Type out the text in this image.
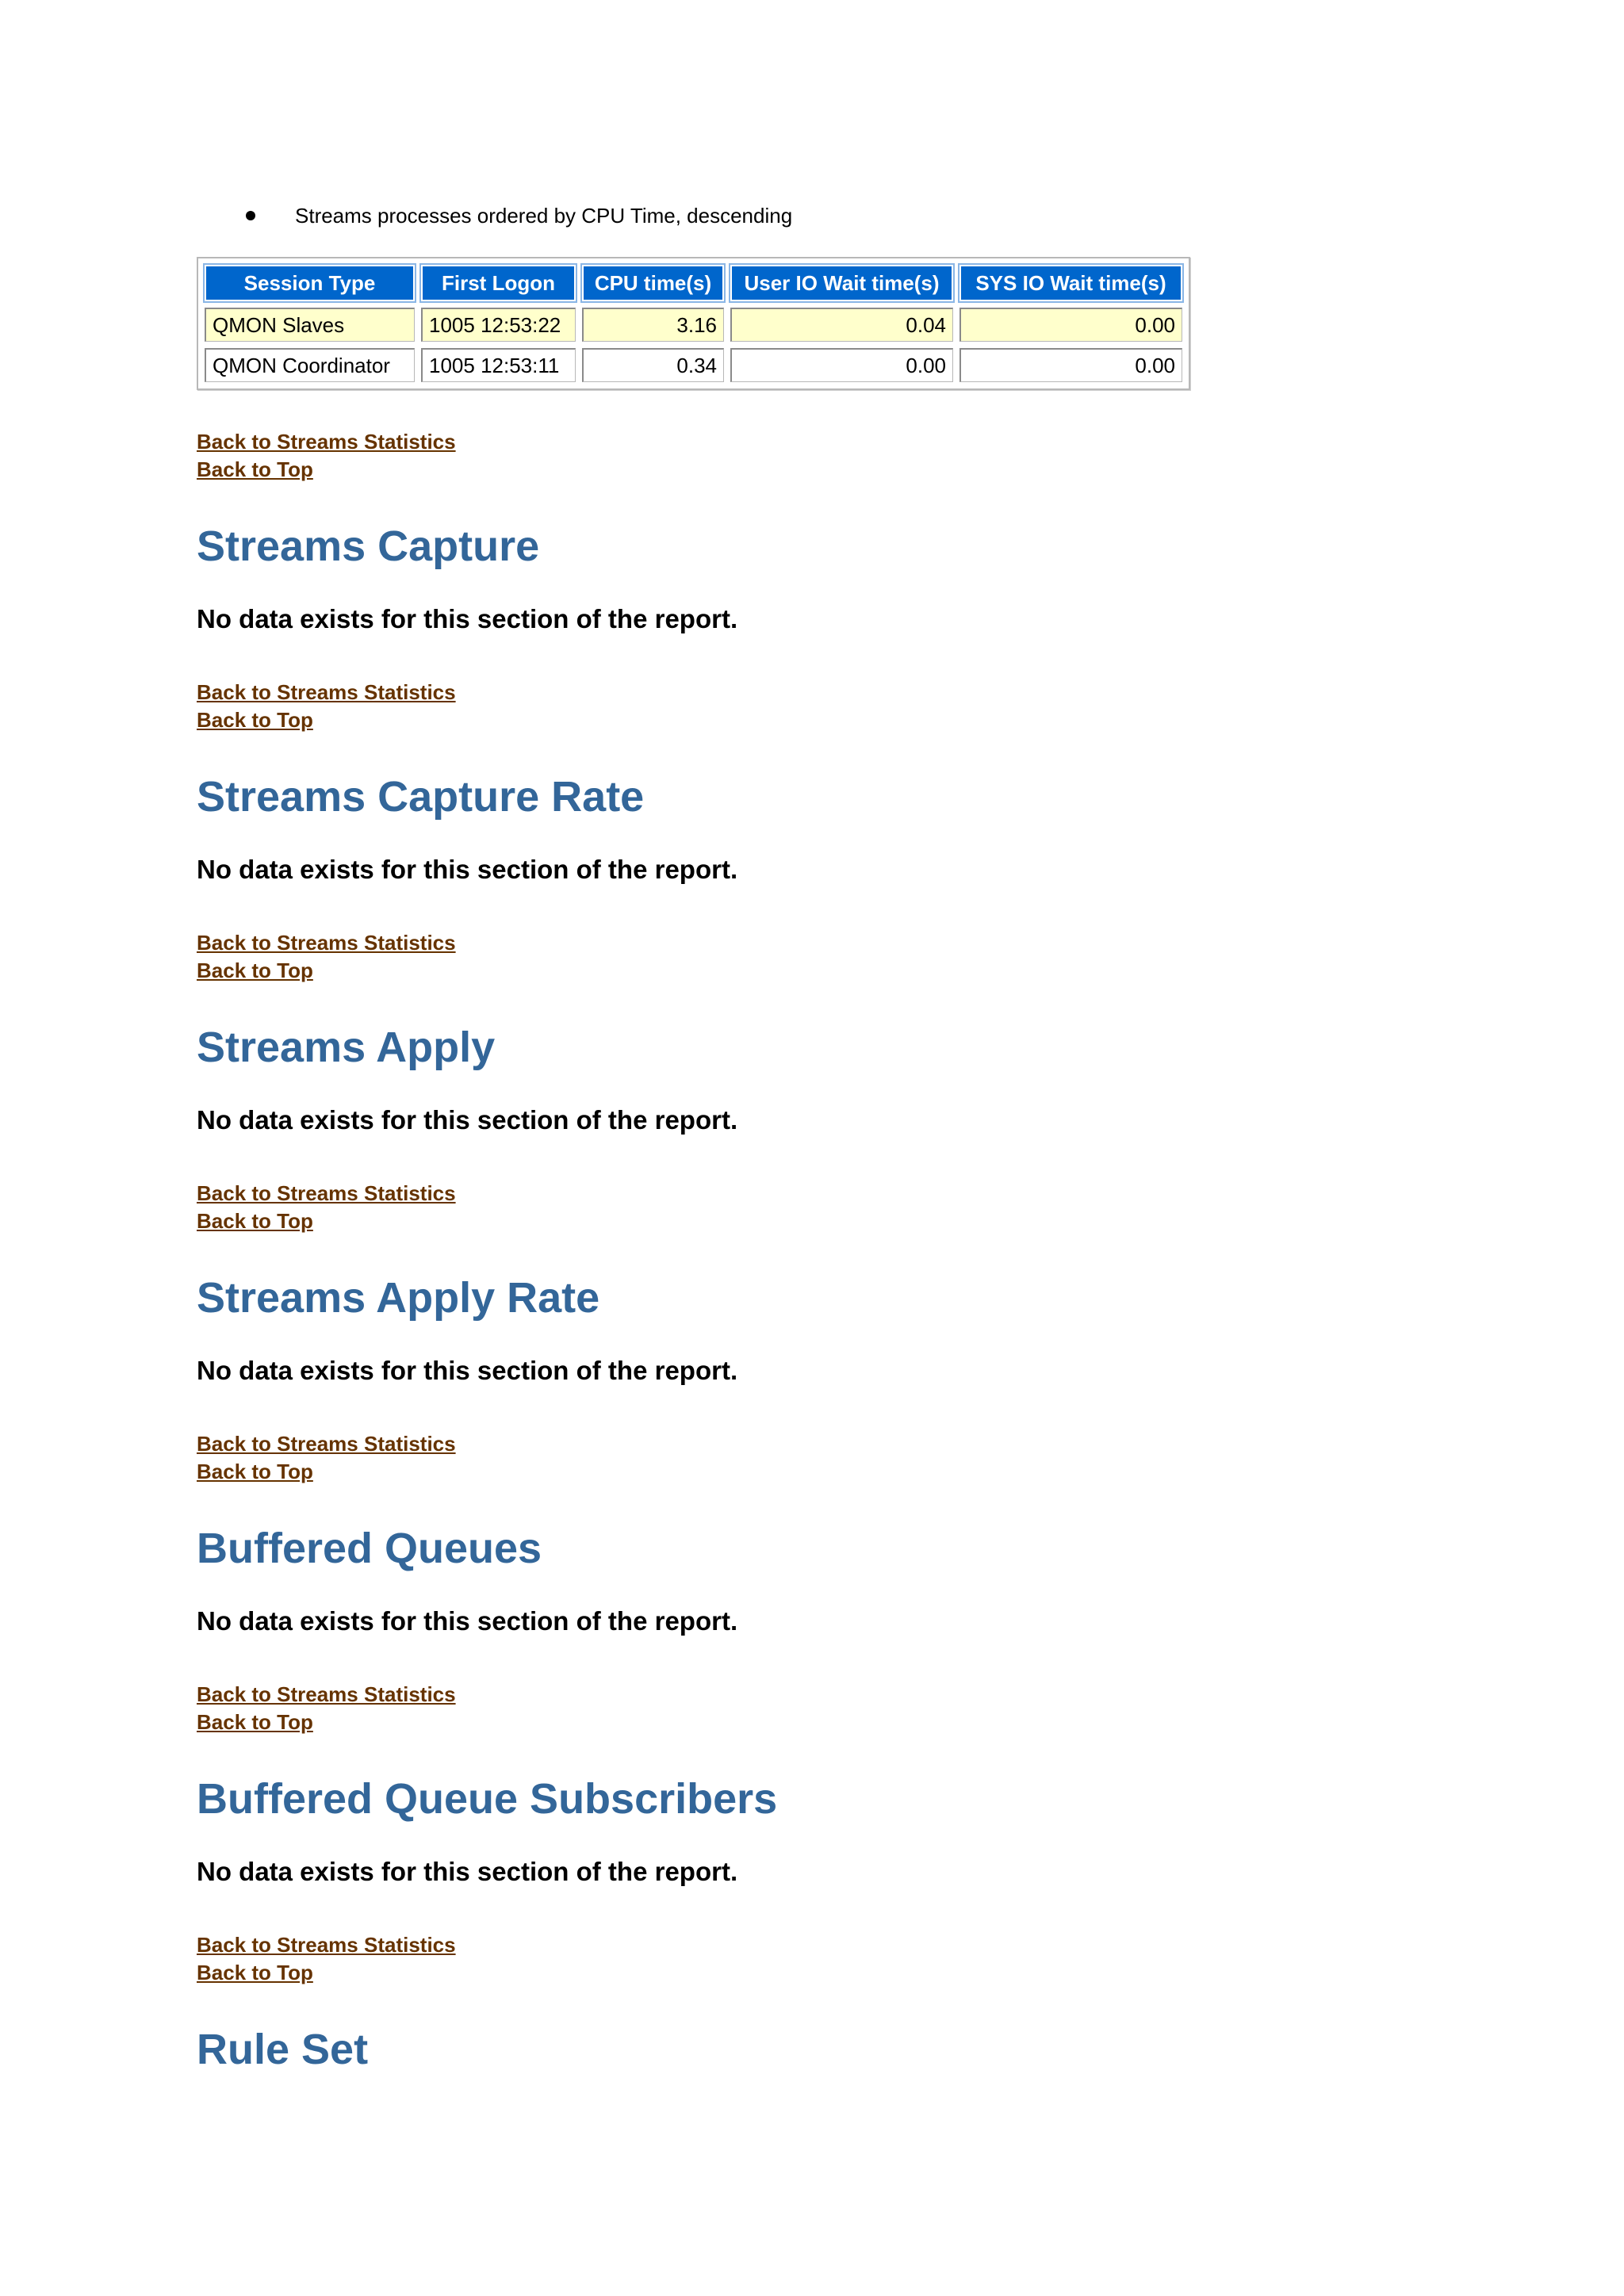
Streams processes ordered by CPU Time, descending
Session Type	First Logon	CPU time(s)	User IO Wait time(s)	SYS IO Wait time(s)
QMON Slaves	1005 12:53:22	3.16	0.04	0.00
QMON Coordinator	1005 12:53:11	0.34	0.00	0.00
Back to Streams Statistics
Back to Top
Streams Capture

No data exists for this section of the report.

Back to Streams Statistics
Back to Top
Streams Capture Rate

No data exists for this section of the report.

Back to Streams Statistics
Back to Top
Streams Apply

No data exists for this section of the report.

Back to Streams Statistics
Back to Top
Streams Apply Rate

No data exists for this section of the report.

Back to Streams Statistics
Back to Top
Buffered Queues

No data exists for this section of the report.

Back to Streams Statistics
Back to Top
Buffered Queue Subscribers

No data exists for this section of the report.

Back to Streams Statistics
Back to Top
Rule Set
